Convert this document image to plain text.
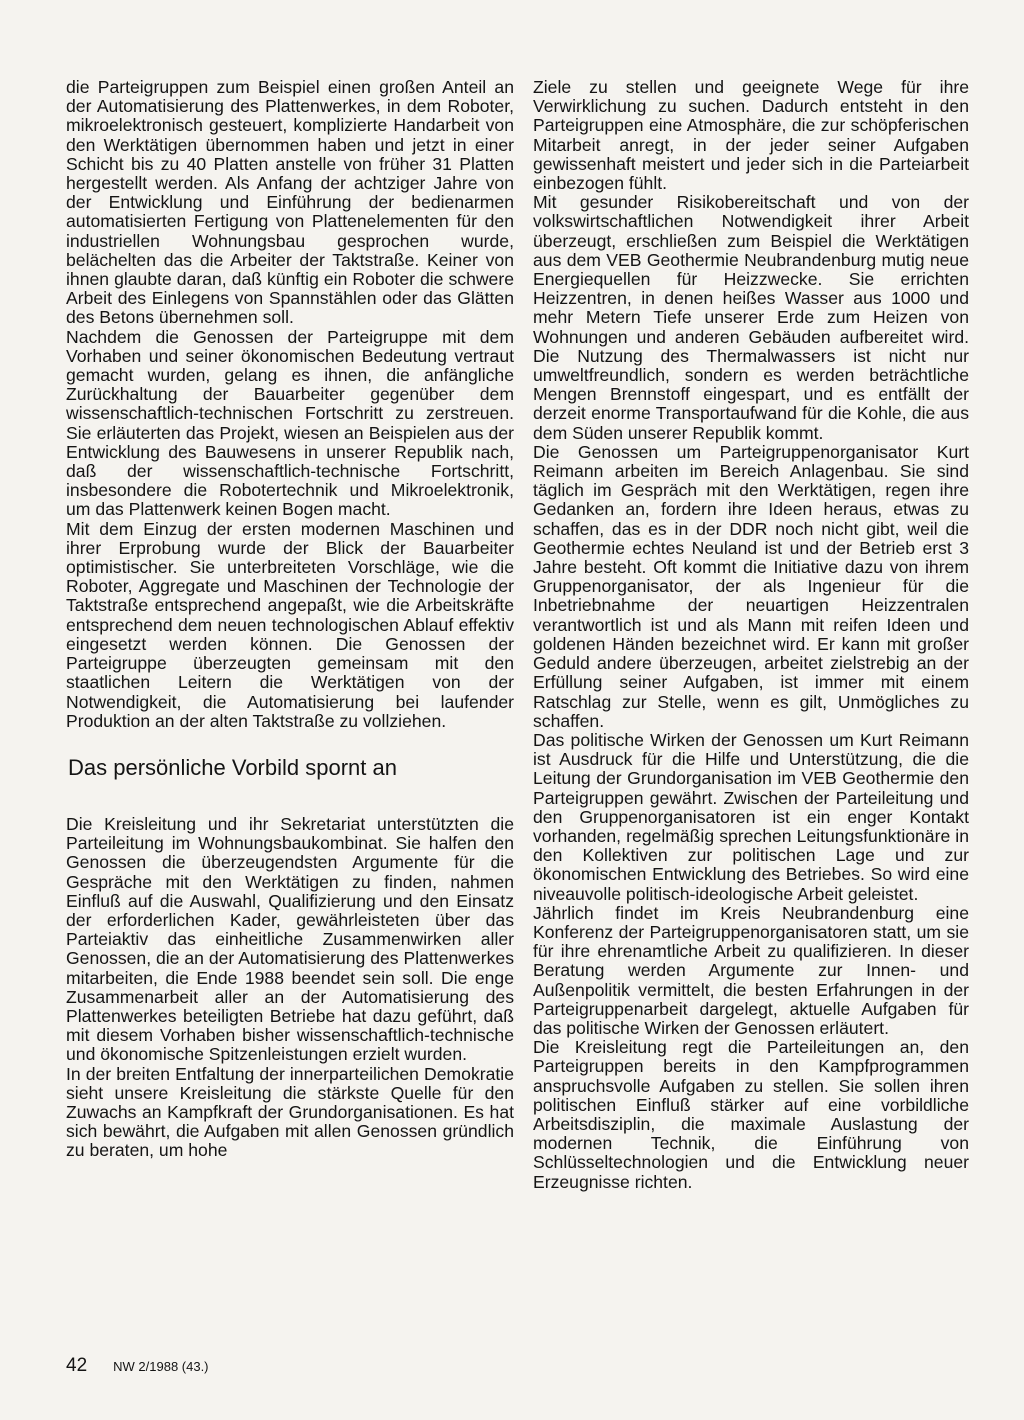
die Parteigruppen zum Beispiel einen großen Anteil an der Automatisierung des Plattenwerkes, in dem Roboter, mikroelektronisch gesteuert, komplizierte Handarbeit von den Werktätigen übernommen haben und jetzt in einer Schicht bis zu 40 Platten anstelle von früher 31 Platten hergestellt werden. Als Anfang der achtziger Jahre von der Entwicklung und Einführung der bedienarmen automatisierten Fertigung von Plattenelementen für den industriellen Wohnungsbau gesprochen wurde, belächelten das die Arbeiter der Taktstraße. Keiner von ihnen glaubte daran, daß künftig ein Roboter die schwere Arbeit des Einlegens von Spannstählen oder das Glätten des Betons übernehmen soll.

Nachdem die Genossen der Parteigruppe mit dem Vorhaben und seiner ökonomischen Bedeutung vertraut gemacht wurden, gelang es ihnen, die anfängliche Zurückhaltung der Bauarbeiter gegenüber dem wissenschaftlich-technischen Fortschritt zu zerstreuen. Sie erläuterten das Projekt, wiesen an Beispielen aus der Entwicklung des Bauwesens in unserer Republik nach, daß der wissenschaftlich-technische Fortschritt, insbesondere die Robotertechnik und Mikroelektronik, um das Plattenwerk keinen Bogen macht.

Mit dem Einzug der ersten modernen Maschinen und ihrer Erprobung wurde der Blick der Bauarbeiter optimistischer. Sie unterbreiteten Vorschläge, wie die Roboter, Aggregate und Maschinen der Technologie der Taktstraße entsprechend angepaßt, wie die Arbeitskräfte entsprechend dem neuen technologischen Ablauf effektiv eingesetzt werden können. Die Genossen der Parteigruppe überzeugten gemeinsam mit den staatlichen Leitern die Werktätigen von der Notwendigkeit, die Automatisierung bei laufender Produktion an der alten Taktstraße zu vollziehen.

Das persönliche Vorbild spornt an

Die Kreisleitung und ihr Sekretariat unterstützten die Parteileitung im Wohnungsbaukombinat. Sie halfen den Genossen die überzeugendsten Argumente für die Gespräche mit den Werktätigen zu finden, nahmen Einfluß auf die Auswahl, Qualifizierung und den Einsatz der erforderlichen Kader, gewährleisteten über das Parteiaktiv das einheitliche Zusammenwirken aller Genossen, die an der Automatisierung des Plattenwerkes mitarbeiten, die Ende 1988 beendet sein soll. Die enge Zusammenarbeit aller an der Automatisierung des Plattenwerkes beteiligten Betriebe hat dazu geführt, daß mit diesem Vorhaben bisher wissenschaftlich-technische und ökonomische Spitzenleistungen erzielt wurden.

In der breiten Entfaltung der innerparteilichen Demokratie sieht unsere Kreisleitung die stärkste Quelle für den Zuwachs an Kampfkraft der Grundorganisationen. Es hat sich bewährt, die Aufgaben mit allen Genossen gründlich zu beraten, um hohe

Ziele zu stellen und geeignete Wege für ihre Verwirklichung zu suchen. Dadurch entsteht in den Parteigruppen eine Atmosphäre, die zur schöpferischen Mitarbeit anregt, in der jeder seiner Aufgaben gewissenhaft meistert und jeder sich in die Parteiarbeit einbezogen fühlt.

Mit gesunder Risikobereitschaft und von der volkswirtschaftlichen Notwendigkeit ihrer Arbeit überzeugt, erschließen zum Beispiel die Werktätigen aus dem VEB Geothermie Neubrandenburg mutig neue Energiequellen für Heizzwecke. Sie errichten Heizzentren, in denen heißes Wasser aus 1000 und mehr Metern Tiefe unserer Erde zum Heizen von Wohnungen und anderen Gebäuden aufbereitet wird. Die Nutzung des Thermalwassers ist nicht nur umweltfreundlich, sondern es werden beträchtliche Mengen Brennstoff eingespart, und es entfällt der derzeit enorme Transportaufwand für die Kohle, die aus dem Süden unserer Republik kommt.

Die Genossen um Parteigruppenorganisator Kurt Reimann arbeiten im Bereich Anlagenbau. Sie sind täglich im Gespräch mit den Werktätigen, regen ihre Gedanken an, fordern ihre Ideen heraus, etwas zu schaffen, das es in der DDR noch nicht gibt, weil die Geothermie echtes Neuland ist und der Betrieb erst 3 Jahre besteht. Oft kommt die Initiative dazu von ihrem Gruppenorganisator, der als Ingenieur für die Inbetriebnahme der neuartigen Heizzentralen verantwortlich ist und als Mann mit reifen Ideen und goldenen Händen bezeichnet wird. Er kann mit großer Geduld andere überzeugen, arbeitet zielstrebig an der Erfüllung seiner Aufgaben, ist immer mit einem Ratschlag zur Stelle, wenn es gilt, Unmögliches zu schaffen.

Das politische Wirken der Genossen um Kurt Reimann ist Ausdruck für die Hilfe und Unterstützung, die die Leitung der Grundorganisation im VEB Geothermie den Parteigruppen gewährt. Zwischen der Parteileitung und den Gruppenorganisatoren ist ein enger Kontakt vorhanden, regelmäßig sprechen Leitungsfunktionäre in den Kollektiven zur politischen Lage und zur ökonomischen Entwicklung des Betriebes. So wird eine niveauvolle politisch-ideologische Arbeit geleistet.

Jährlich findet im Kreis Neubrandenburg eine Konferenz der Parteigruppenorganisatoren statt, um sie für ihre ehrenamtliche Arbeit zu qualifizieren. In dieser Beratung werden Argumente zur Innen- und Außenpolitik vermittelt, die besten Erfahrungen in der Parteigruppenarbeit dargelegt, aktuelle Aufgaben für das politische Wirken der Genossen erläutert.

Die Kreisleitung regt die Parteileitungen an, den Parteigruppen bereits in den Kampfprogrammen anspruchsvolle Aufgaben zu stellen. Sie sollen ihren politischen Einfluß stärker auf eine vorbildliche Arbeitsdisziplin, die maximale Auslastung der modernen Technik, die Einführung von Schlüsseltechnologien und die Entwicklung neuer Erzeugnisse richten.

42 NW 2/1988 (43.)
